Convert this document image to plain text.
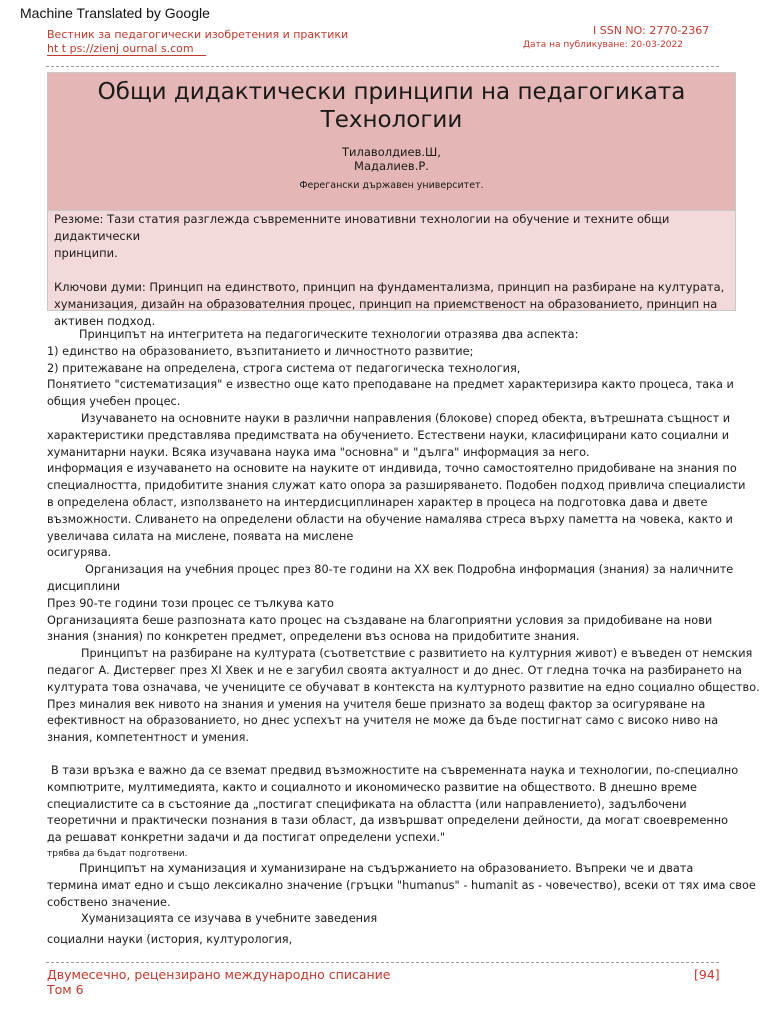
Machine Translated by Google
Вестник за педагогически изобретения и практики
ht t ps://zienj ournal s.com
I SSN NO: 2770-2367
Дата на публикуване: 20-03-2022
Общи дидактически принципи на педагогиката
Технологии
Тилаволдиев.Ш,
Мадалиев.Р.
Ферегански държавен университет.

Резюме: Тази статия разглежда съвременните иновативни технологии на обучение и техните общи дидактически

принципи.

Ключови думи: Принцип на единството, принцип на фундаментализма, принцип на разбиране на културата,

хуманизация, дизайн на образователния процес, принцип на приемственост на образованието, принцип на

активен подход.

Принципът на интегритета на педагогическите технологии отразява два аспекта:

1) единство на образованието, възпитанието и личностното развитие;

2) притежаване на определена, строга система от педагогическа технология,

Понятието "систематизация" е известно още като преподаване на предмет характеризира както процеса, така и

общия учебен процес.

Изучаването на основните науки в различни направления (блокове) според обекта, вътрешната същност и

характеристики представлява предимствата на обучението. Естествени науки, класифицирани като социални и

хуманитарни науки. Всяка изучавана наука има "основна" и "дълга" информация за него.

информация е изучаването на основите на науките от индивида, точно самостоятелно придобиване на знания по

специалността, придобитите знания служат като опора за разширяването. Подобен подход привлича специалисти

в определена област, използването на интердисциплинарен характер в процеса на подготовка дава и двете

възможности. Сливането на определени области на обучение намалява стреса върху паметта на човека, както и

увеличава силата на мислене, появата на мислене

осигурява.

Организация на учебния процес през 80-те години на XX век Подробна информация (знания) за наличните

дисциплини

През 90-те години този процес се тълкува като

Организацията беше разпозната като процес на създаване на благоприятни условия за придобиване на нови

знания (знания) по конкретен предмет, определени въз основа на придобитите знания.

Принципът на разбиране на културата (съответствие с развитието на културния живот) е въведен от немския

педагог А. Дистервег през ХІ Хвек и не е загубил своята актуалност и до днес. От гледна точка на разбирането на

културата това означава, че учениците се обучават в контекста на културното развитие на едно социално общество.

През миналия век нивото на знания и умения на учителя беше признато за водещ фактор за осигуряване на

ефективност на образованието, но днес успехът на учителя не може да бъде постигнат само с високо ниво на

знания, компетентност и умения.

В тази връзка е важно да се вземат предвид възможностите на съвременната наука и технологии, по-специално

компютрите, мултимедията, както и социалното и икономическо развитие на обществото. В днешно време

специалистите са в състояние да „постигат спецификата на областта (или направлението), задълбочени

теоретични и практически познания в тази област, да извършват определени дейности, да могат своевременно

да решават конкретни задачи и да постигат определени успехи."

трябва да бъдат подготвени.

Принципът на хуманизация и хуманизиране на съдържанието на образованието. Въпреки че и двата

термина имат едно и също лексикално значение (гръцки "humanus" - humanit as - човечество), всеки от тях има свое

собствено значение.

Хуманизацията се изучава в учебните заведения

социални науки (история, културология,

Двумесечно, рецензирано международно списание
Том 6
[94]
